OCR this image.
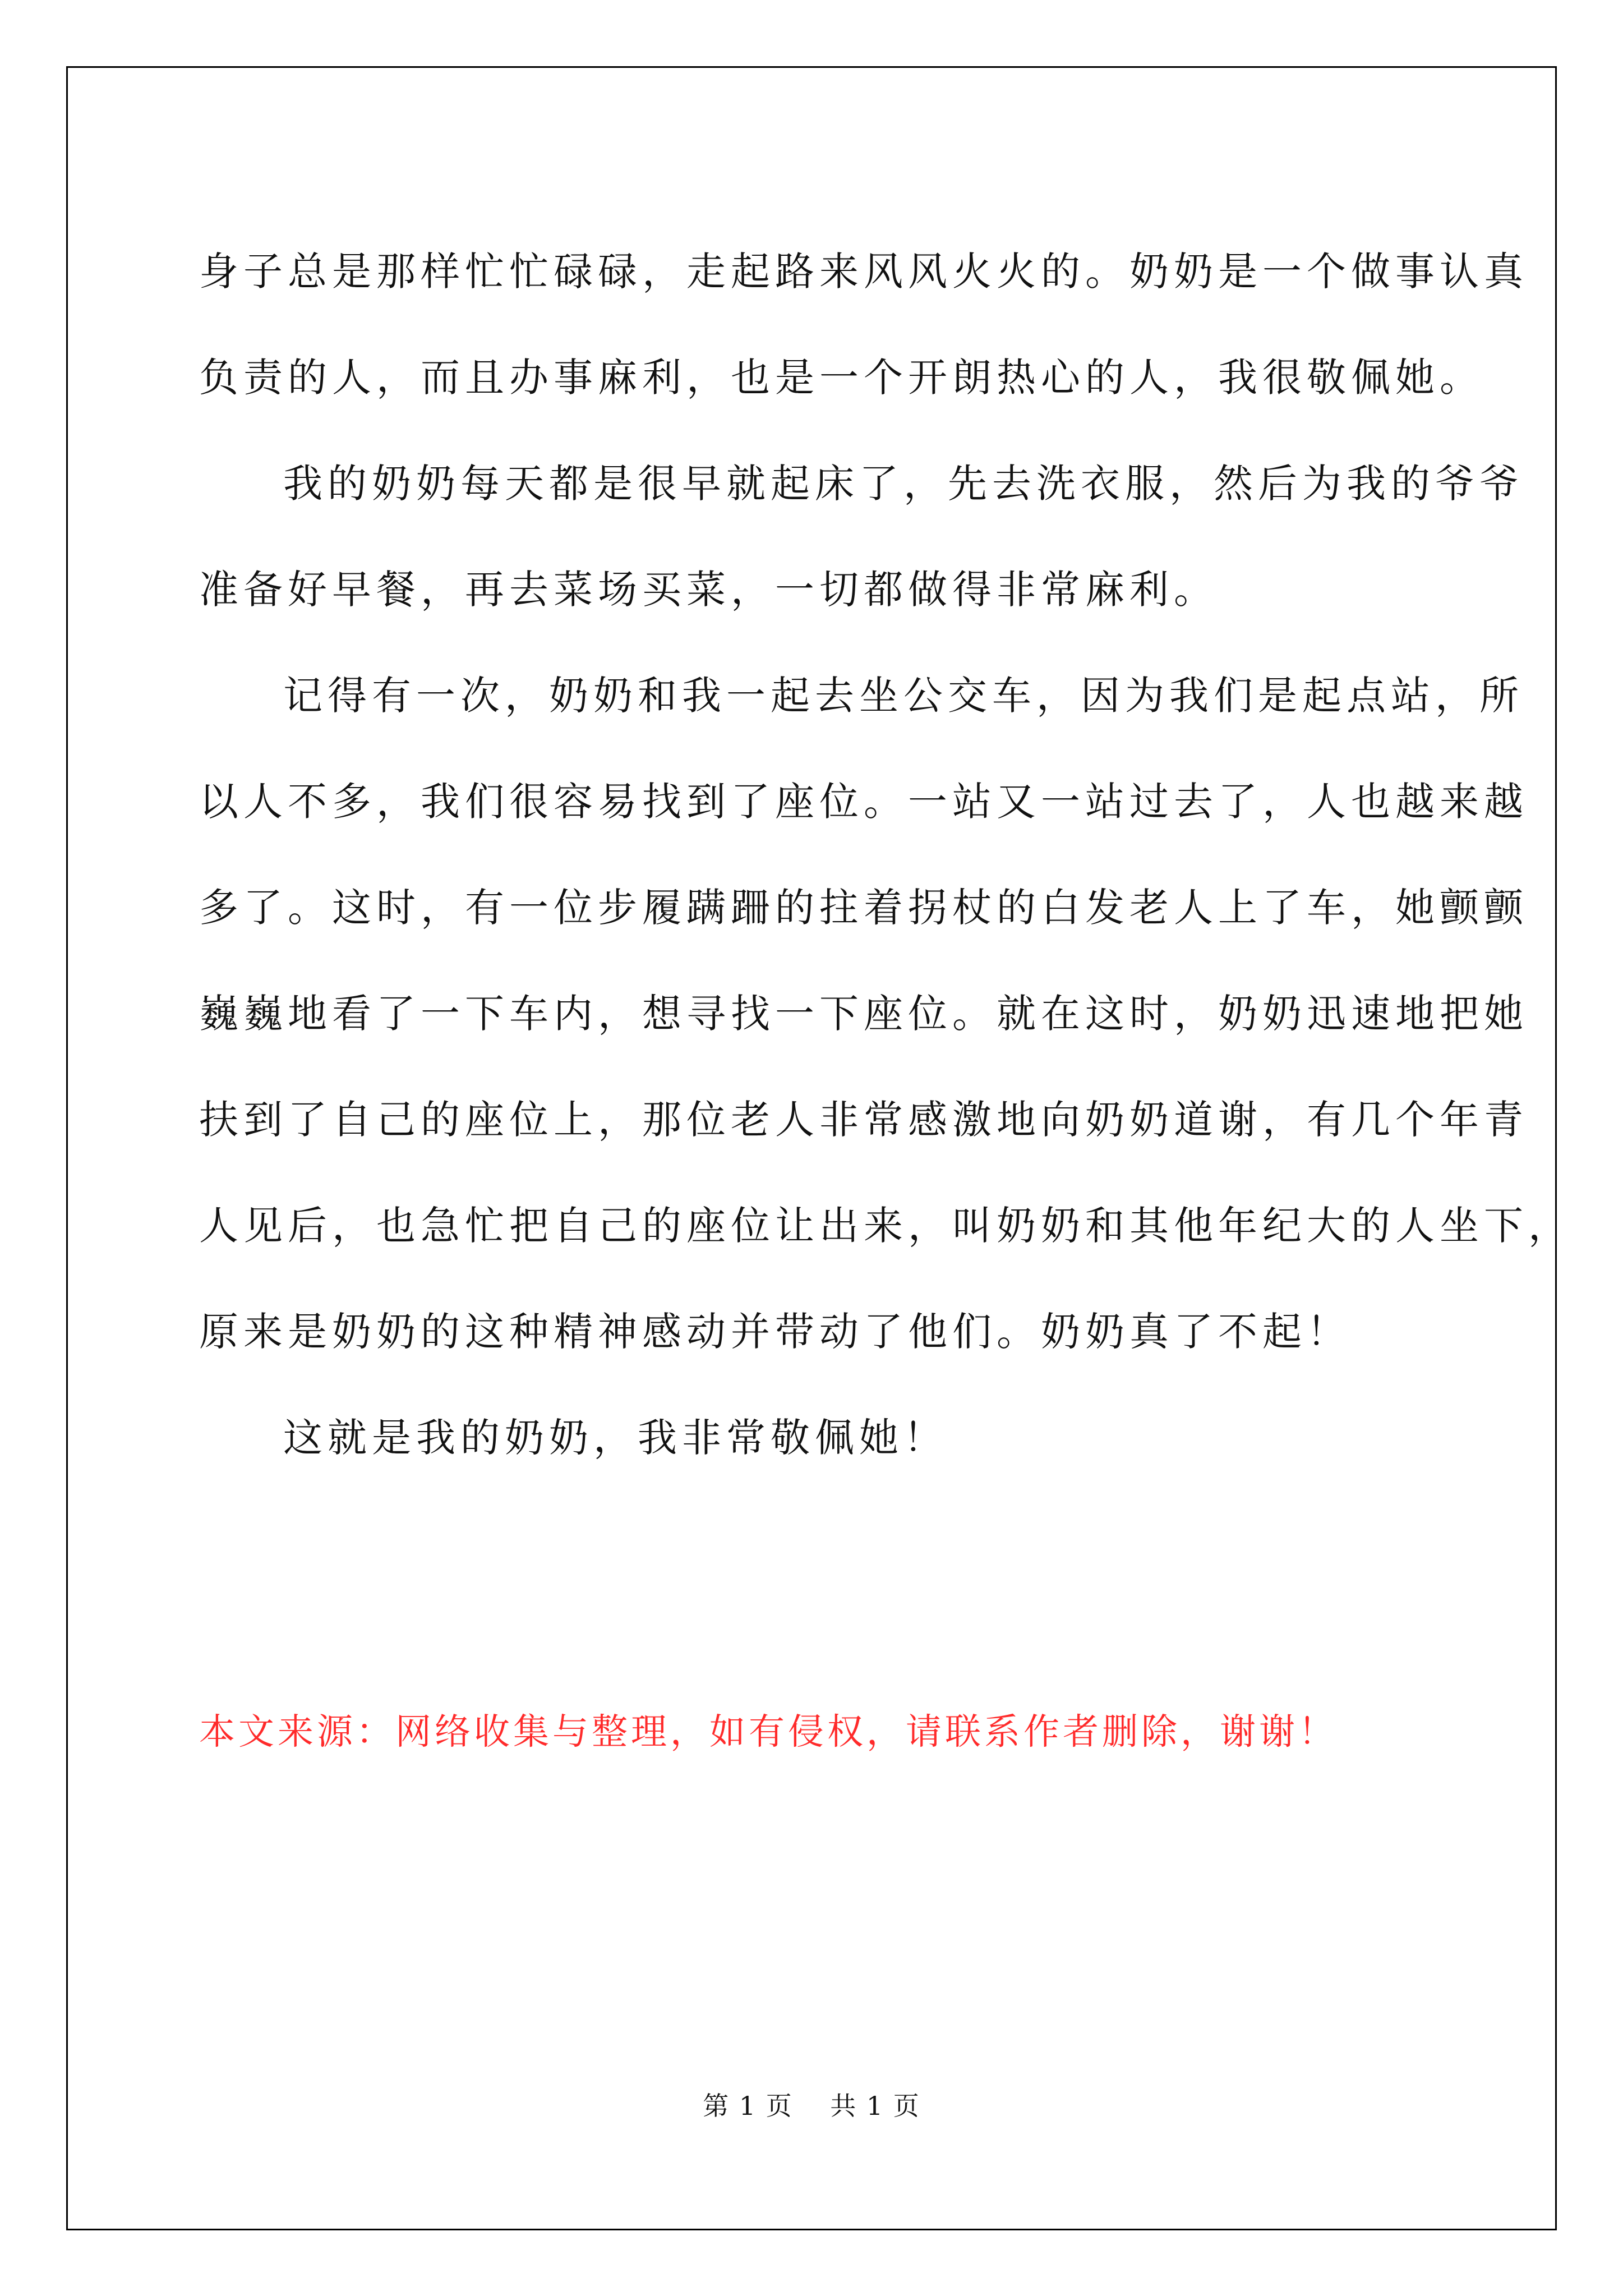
身子总是那样忙忙碌碌，走起路来风风火火的。奶奶是一个做事认真
负责的人，而且办事麻利，也是一个开朗热心的人，我很敬佩她。
我的奶奶每天都是很早就起床了，先去洗衣服，然后为我的爷爷
准备好早餐，再去菜场买菜，一切都做得非常麻利。
记得有一次，奶奶和我一起去坐公交车，因为我们是起点站，所
以人不多，我们很容易找到了座位。一站又一站过去了，人也越来越
多了。这时，有一位步履蹒跚的拄着拐杖的白发老人上了车，她颤颤
巍巍地看了一下车内，想寻找一下座位。就在这时，奶奶迅速地把她
扶到了自己的座位上，那位老人非常感激地向奶奶道谢，有几个年青
人见后，也急忙把自己的座位让出来，叫奶奶和其他年纪大的人坐下，
原来是奶奶的这种精神感动并带动了他们。奶奶真了不起！
这就是我的奶奶，我非常敬佩她！
本文来源：网络收集与整理，如有侵权，请联系作者删除，谢谢！
第 1 页    共 1 页
